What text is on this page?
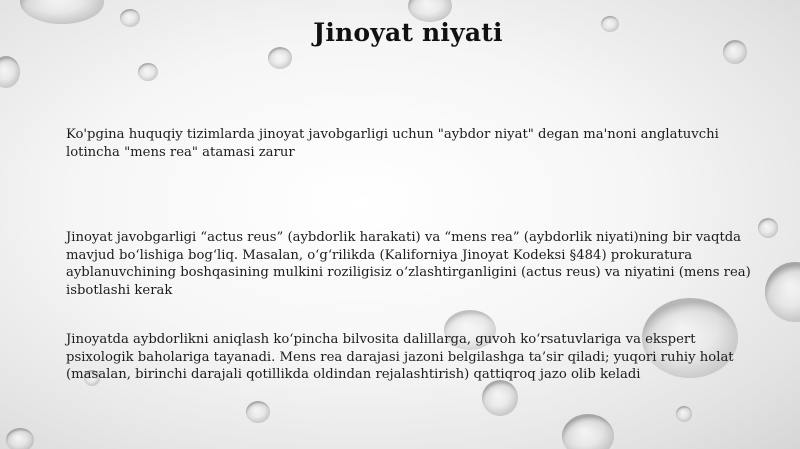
Jinoyat niyati
Ko'pgina huquqiy tizimlarda jinoyat javobgarligi uchun "aybdor niyat" degan ma'noni anglatuvchi lotincha "mens rea" atamasi zarur
Jinoyat javobgarligi “actus reus” (aybdorlik harakati) va “mens rea” (aybdorlik niyati)ning bir vaqtda mavjud boʻlishiga bogʻliq. Masalan, oʻgʻrilikda (Kaliforniya Jinoyat Kodeksi §484) prokuratura ayblanuvchining boshqasining mulkini roziligisiz oʻzlashtirganligini (actus reus) va niyatini (mens rea) isbotlashi kerak
Jinoyatda aybdorlikni aniqlash koʻpincha bilvosita dalillarga, guvoh koʻrsatuvlariga va ekspert psixologik baholariga tayanadi. Mens rea darajasi jazoni belgilashga ta’sir qiladi; yuqori ruhiy holat (masalan, birinchi darajali qotillikda oldindan rejalashtirish) qattiqroq jazo olib keladi
